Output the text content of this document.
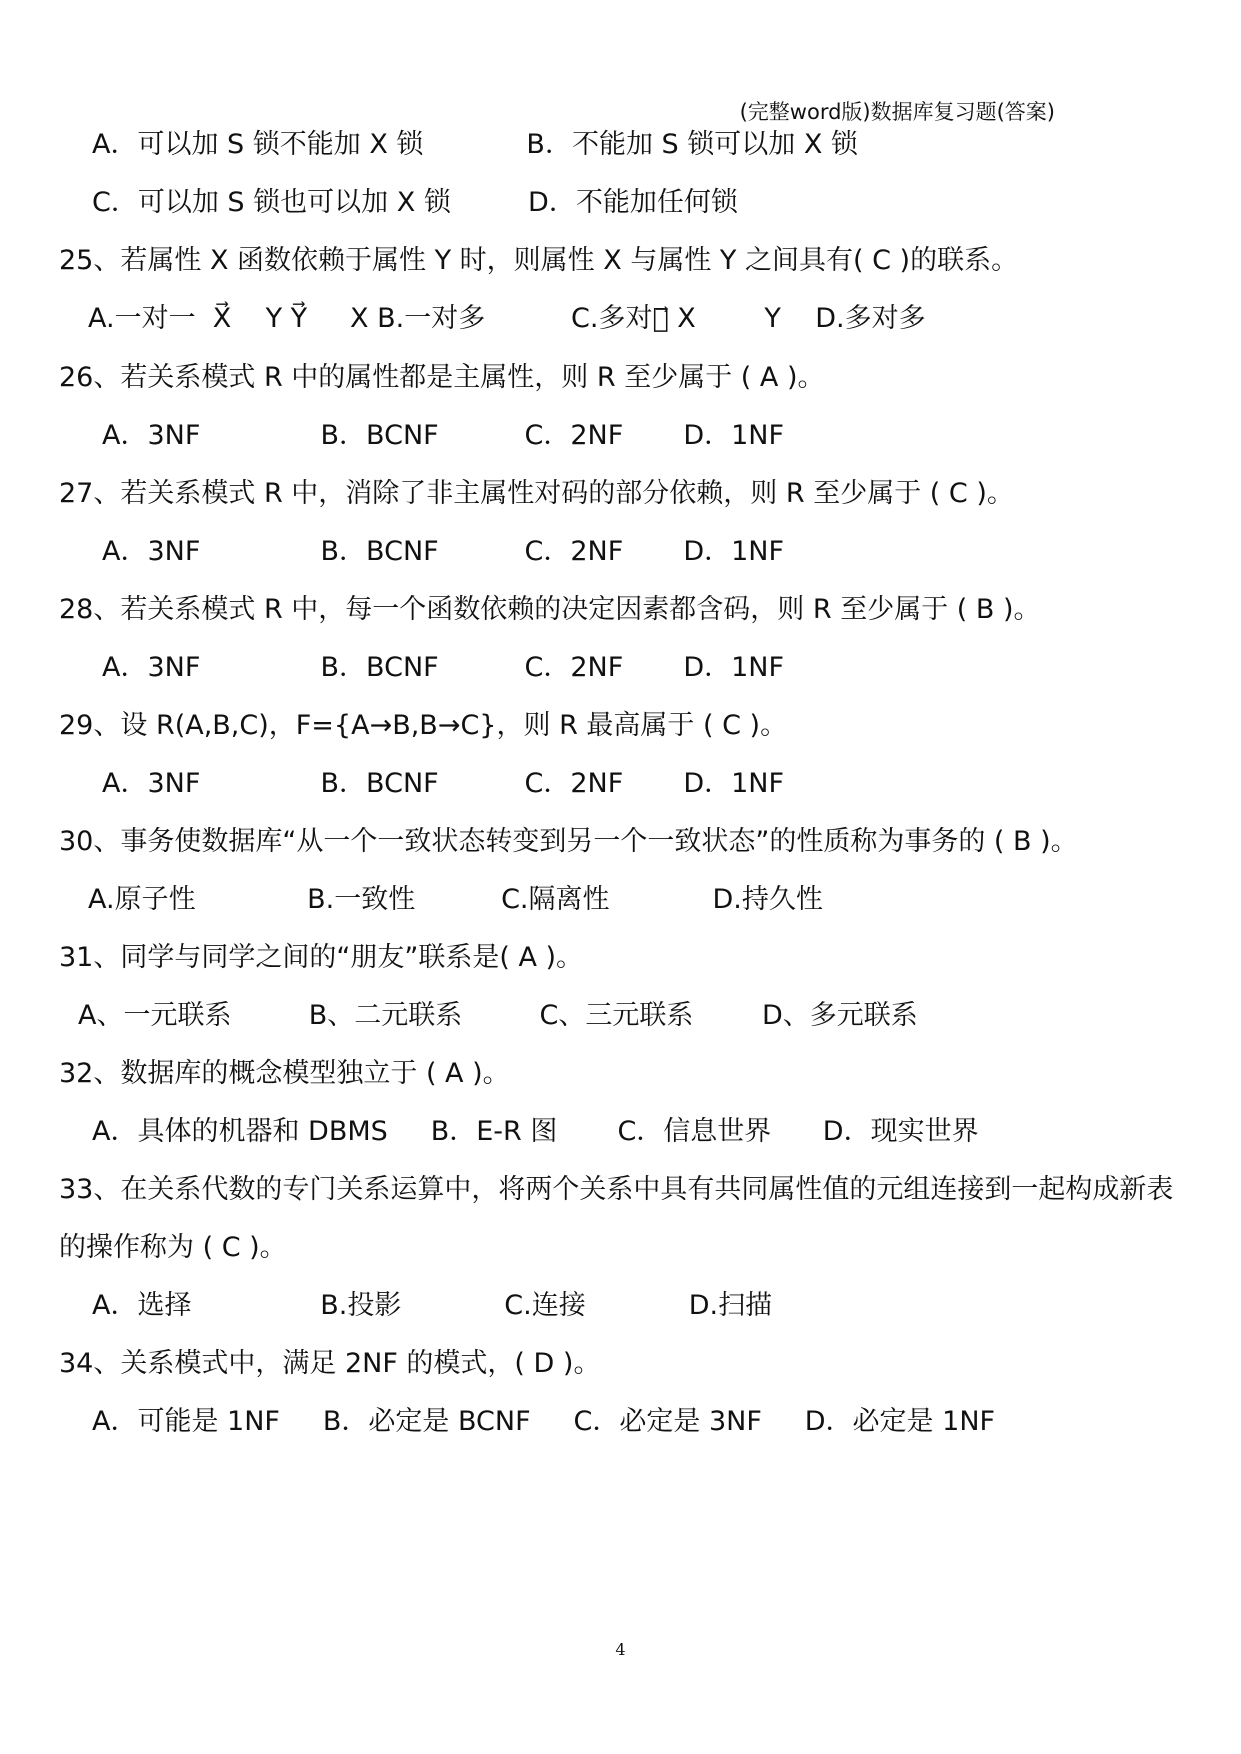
(完整word版)数据库复习题(答案)
A．可以加 S 锁不能加 X 锁            B．不能加 S 锁可以加 X 锁
C．可以加 S 锁也可以加 X 锁         D．不能加任何锁
25、若属性 X 函数依赖于属性 Y 时，则属性 X 与属性 Y 之间具有( C )的联系。
A.一对一  X⃗    Y Y⃗     X B.一对多          C.多对一⃗ X        Y    D.多对多
26、若关系模式 R 中的属性都是主属性，则 R 至少属于 ( A )。
A．3NF              B．BCNF          C．2NF       D．1NF
27、若关系模式 R 中，消除了非主属性对码的部分依赖，则 R 至少属于 ( C )。
A．3NF              B．BCNF          C．2NF       D．1NF
28、若关系模式 R 中，每一个函数依赖的决定因素都含码，则 R 至少属于 ( B )。
A．3NF              B．BCNF          C．2NF       D．1NF
29、设 R(A,B,C)，F={A→B,B→C}，则 R 最高属于 ( C )。
A．3NF              B．BCNF          C．2NF       D．1NF
30、事务使数据库“从一个一致状态转变到另一个一致状态”的性质称为事务的 ( B )。
A.原子性             B.一致性          C.隔离性            D.持久性
31、同学与同学之间的“朋友”联系是( A )。
A、一元联系         B、二元联系         C、三元联系        D、多元联系
32、数据库的概念模型独立于 ( A )。
A．具体的机器和 DBMS     B．E-R 图       C．信息世界      D．现实世界
33、在关系代数的专门关系运算中，将两个关系中具有共同属性值的元组连接到一起构成新表
的操作称为 ( C )。
A．选择               B.投影            C.连接            D.扫描
34、关系模式中，满足 2NF 的模式，( D )。
A．可能是 1NF     B．必定是 BCNF     C．必定是 3NF     D．必定是 1NF
4
